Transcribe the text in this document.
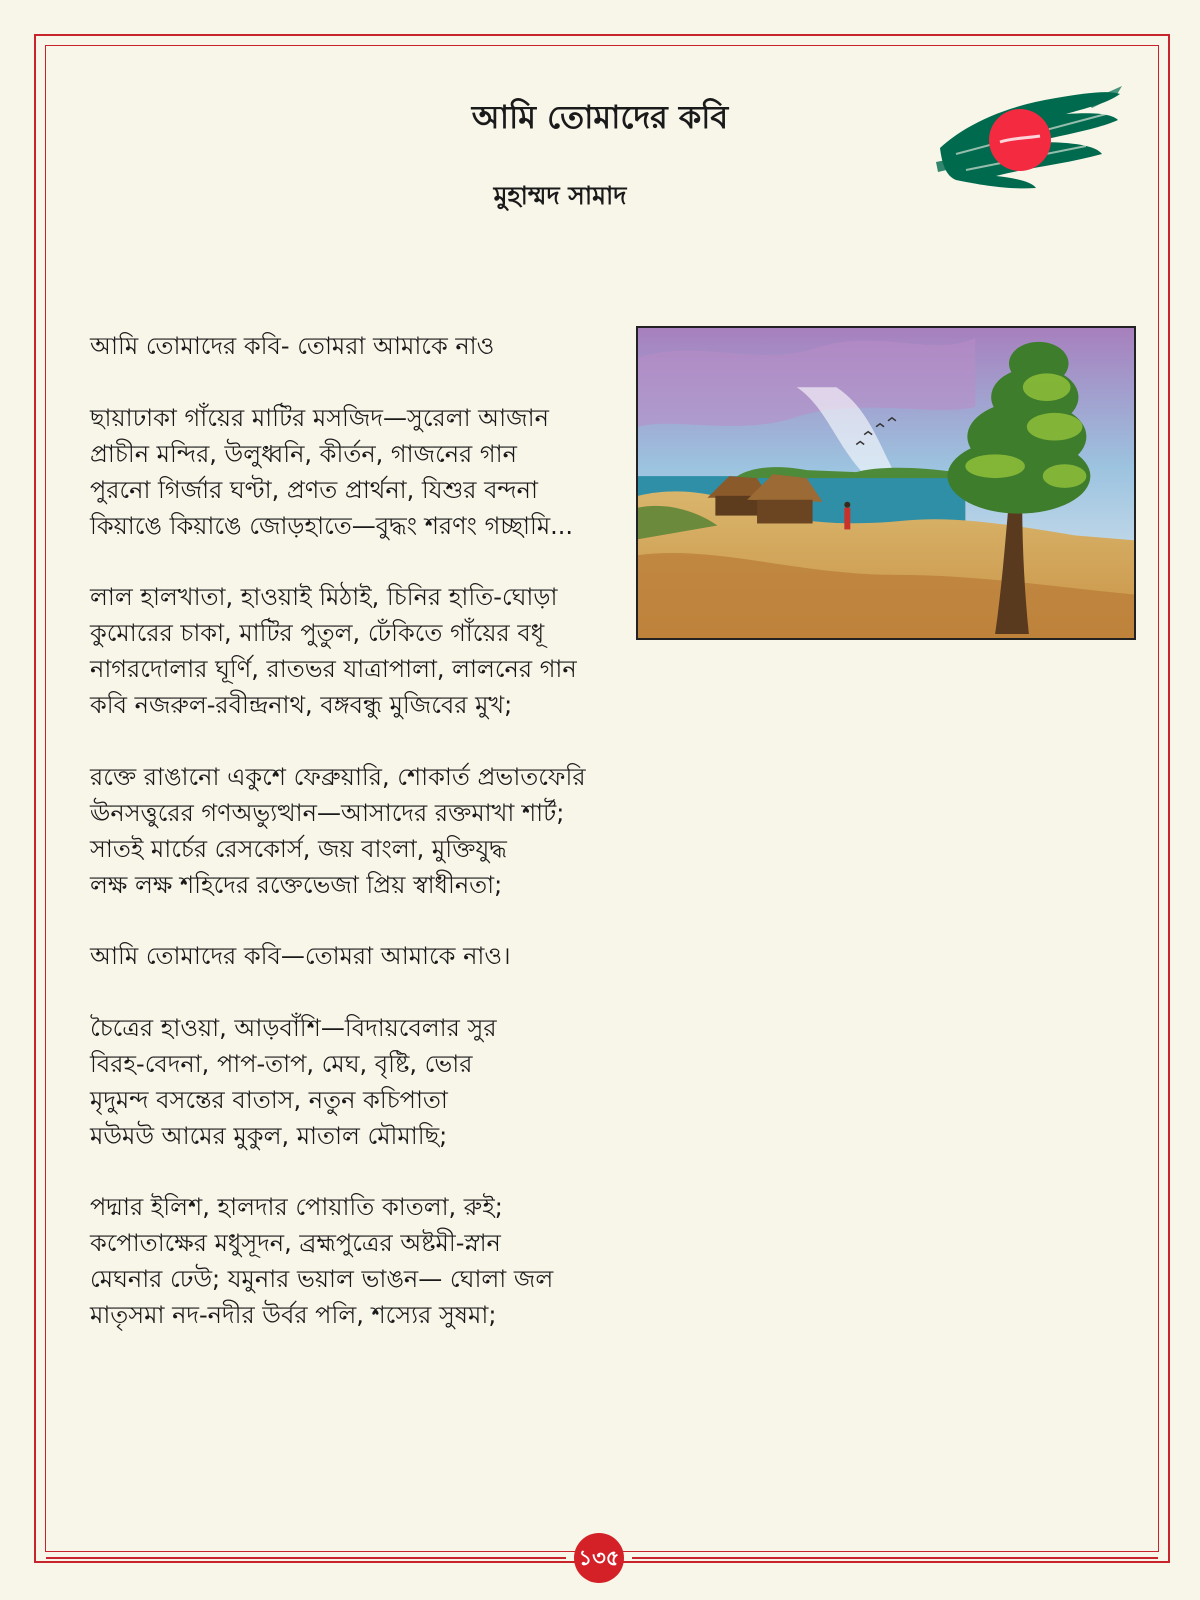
আমি তোমাদের কবি
মুহাম্মদ সামাদ
আমি তোমাদের কবি- তোমরা আমাকে নাও
ছায়াঢাকা গাঁয়ের মাটির মসজিদ—সুরেলা আজান
প্রাচীন মন্দির, উলুধ্বনি, কীর্তন, গাজনের গান
পুরনো গির্জার ঘণ্টা, প্রণত প্রার্থনা, যিশুর বন্দনা
কিয়াঙে কিয়াঙে জোড়হাতে—বুদ্ধং শরণং গচ্ছামি...
লাল হালখাতা, হাওয়াই মিঠাই, চিনির হাতি-ঘোড়া
কুমোরের চাকা, মাটির পুতুল, ঢেঁকিতে গাঁয়ের বধূ
নাগরদোলার ঘূর্ণি, রাতভর যাত্রাপালা, লালনের গান
কবি নজরুল-রবীন্দ্রনাথ, বঙ্গবন্ধু মুজিবের মুখ;
রক্তে রাঙানো একুশে ফেব্রুয়ারি, শোকার্ত প্রভাতফেরি
ঊনসত্তুরের গণঅভ্যুত্থান—আসাদের রক্তমাখা শার্ট;
সাতই মার্চের রেসকোর্স, জয় বাংলা, মুক্তিযুদ্ধ
লক্ষ লক্ষ শহিদের রক্তেভেজা প্রিয় স্বাধীনতা;
আমি তোমাদের কবি—তোমরা আমাকে নাও।
চৈত্রের হাওয়া, আড়বাঁশি—বিদায়বেলার সুর
বিরহ-বেদনা, পাপ-তাপ, মেঘ, বৃষ্টি, ভোর
মৃদুমন্দ বসন্তের বাতাস, নতুন কচিপাতা
মউমউ আমের মুকুল, মাতাল মৌমাছি;
পদ্মার ইলিশ, হালদার পোয়াতি কাতলা, রুই;
কপোতাক্ষের মধুসূদন, ব্রহ্মপুত্রের অষ্টমী-স্নান
মেঘনার ঢেউ; যমুনার ভয়াল ভাঙন— ঘোলা জল
মাতৃসমা নদ-নদীর উর্বর পলি, শস্যের সুষমা;
১৩৫
